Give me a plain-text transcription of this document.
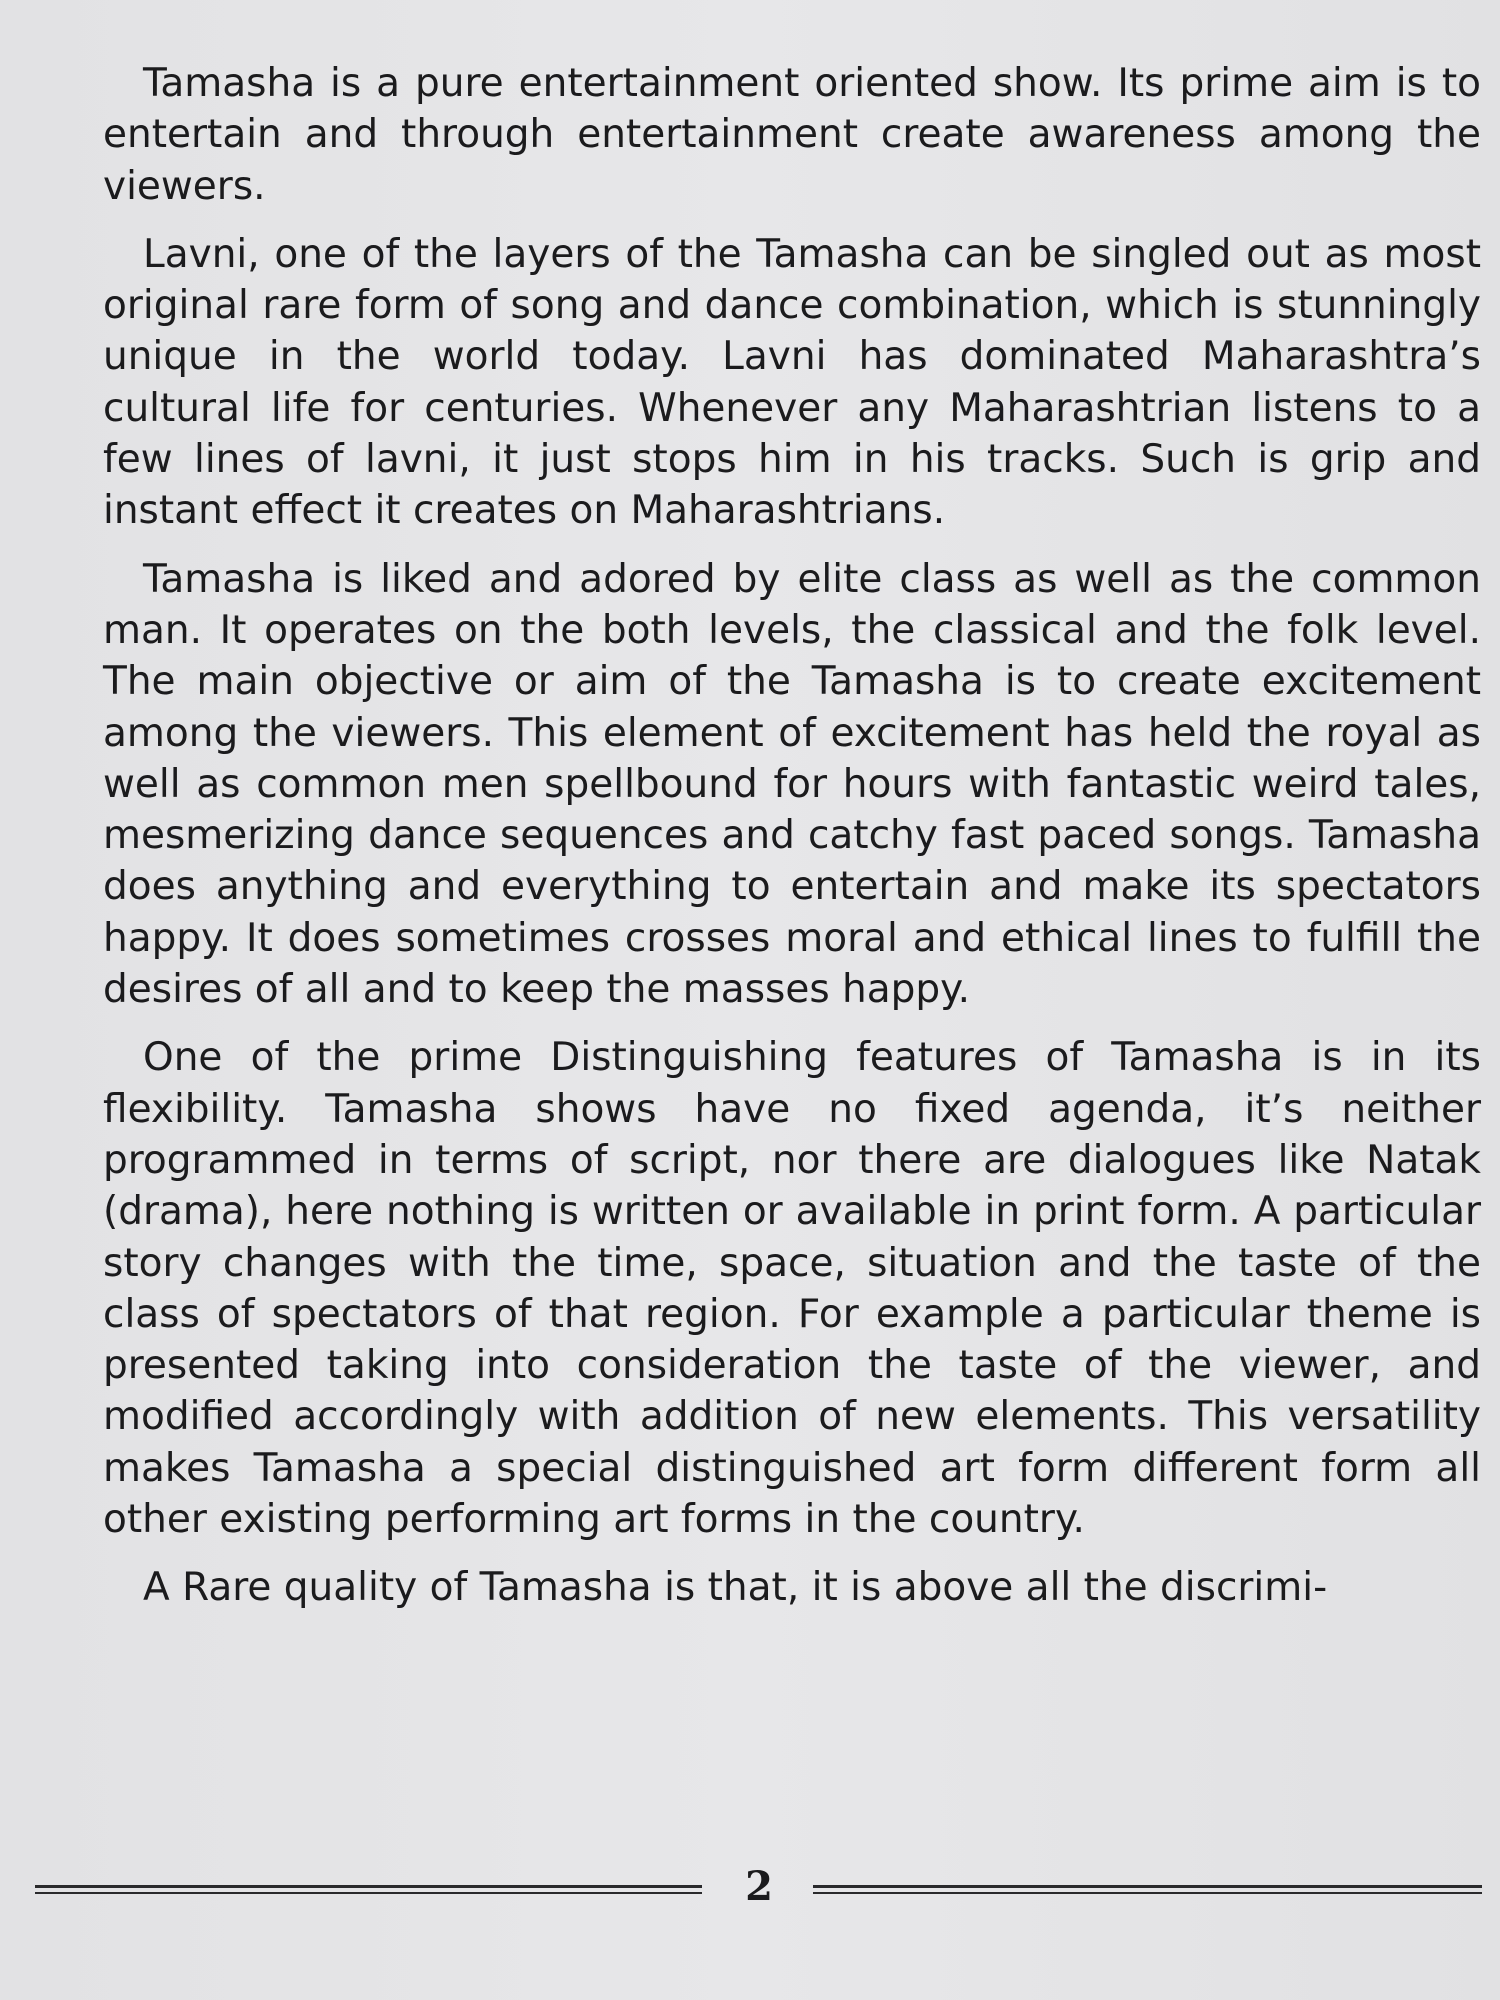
Tamasha is a pure entertainment oriented show. Its prime aim is to entertain and through entertainment create awareness among the viewers.

Lavni, one of the layers of the Tamasha can be singled out as most original rare form of song and dance combination, which is stunningly unique in the world today. Lavni has dominated Maharashtra’s cultural life for centuries. Whenever any Maharashtrian listens to a few lines of lavni, it just stops him in his tracks. Such is grip and instant effect it creates on Maharashtrians.

Tamasha is liked and adored by elite class as well as the common man. It operates on the both levels, the classical and the folk level. The main objective or aim of the Tamasha is to create excitement among the viewers. This element of excitement has held the royal as well as common men spellbound for hours with fantastic weird tales, mesmerizing dance sequences and catchy fast paced songs. Tamasha does anything and everything to entertain and make its spectators happy. It does sometimes crosses moral and ethical lines to fulfill the desires of all and to keep the masses happy.

One of the prime Distinguishing features of Tamasha is in its flexibility. Tamasha shows have no fixed agenda, it’s neither programmed in terms of script, nor there are dialogues like Natak (drama), here nothing is written or available in print form. A particular story changes with the time, space, situation and the taste of the class of spectators of that region. For example a particular theme is presented taking into consideration the taste of the viewer, and modified accordingly with addition of new elements. This versatility makes Tamasha a special distinguished art form different form all other existing performing art forms in the country.

A Rare quality of Tamasha is that, it is above all the discrimi-

2
